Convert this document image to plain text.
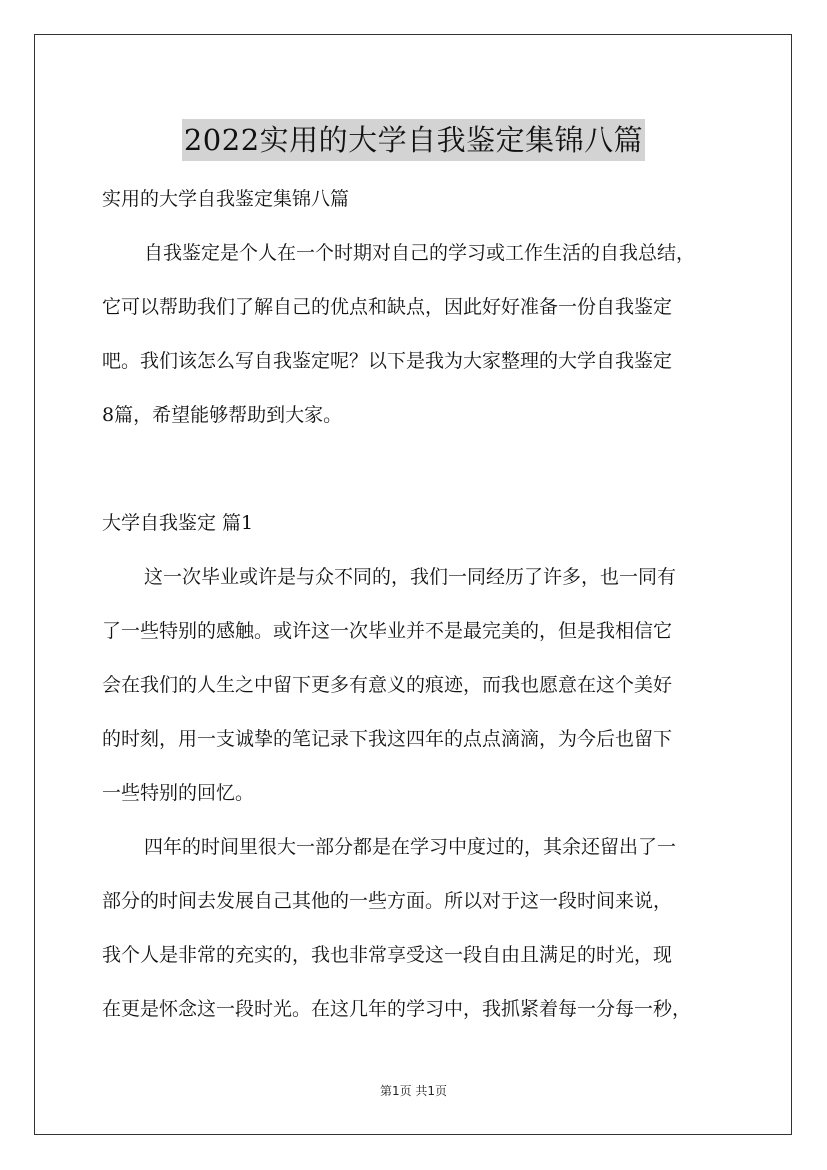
2022实用的大学自我鉴定集锦八篇

实用的大学自我鉴定集锦八篇

自我鉴定是个人在一个时期对自己的学习或工作生活的自我总结，

它可以帮助我们了解自己的优点和缺点，因此好好准备一份自我鉴定

吧。我们该怎么写自我鉴定呢？以下是我为大家整理的大学自我鉴定

8篇，希望能够帮助到大家。

大学自我鉴定 篇1

这一次毕业或许是与众不同的，我们一同经历了许多，也一同有

了一些特别的感触。或许这一次毕业并不是最完美的，但是我相信它

会在我们的人生之中留下更多有意义的痕迹，而我也愿意在这个美好

的时刻，用一支诚挚的笔记录下我这四年的点点滴滴，为今后也留下

一些特别的回忆。

四年的时间里很大一部分都是在学习中度过的，其余还留出了一

部分的时间去发展自己其他的一些方面。所以对于这一段时间来说，

我个人是非常的充实的，我也非常享受这一段自由且满足的时光，现

在更是怀念这一段时光。在这几年的学习中，我抓紧着每一分每一秒，

第1页 共1页
